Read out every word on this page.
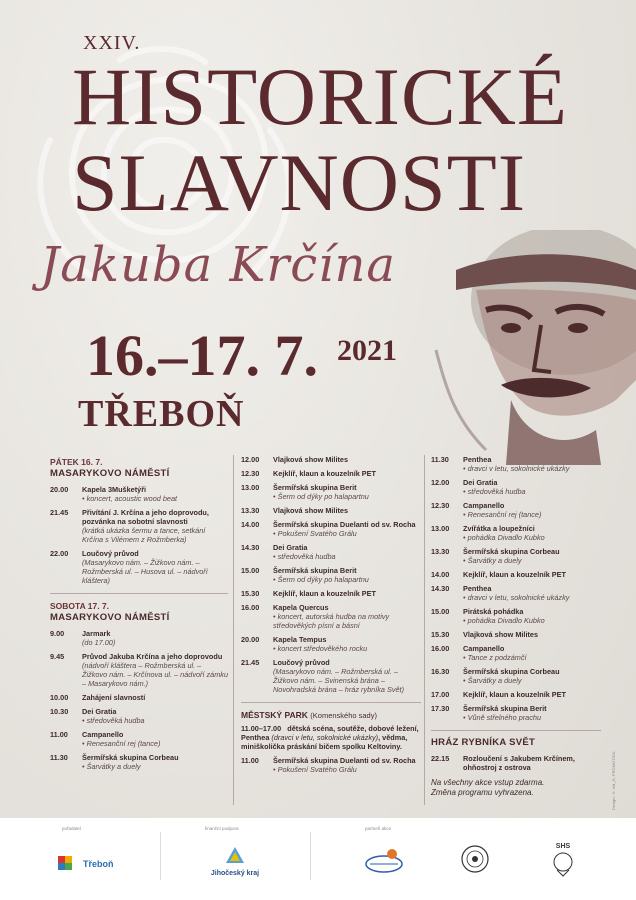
XXIV.
HISTORICKÉ
SLAVNOSTI
Jakuba Krčína
16.–17. 7. 2021
TŘEBOŇ
PÁTEK 16. 7.
MASARYKOVO NÁMĚSTÍ
20.00	Kapela 3Mušketýři
• koncert, acoustic wood beat
21.45	Přivítání J. Krčína a jeho doprovodu, pozvánka na sobotní slavnosti
(krátká ukázka šermu a tance, setkání Krčína s Vilémem z Rožmberka)
22.00	Loučový průvod
(Masarykovo nám. – Žižkovo nám. – Rožmberská ul. – Husova ul. – nádvoří kláštera)
SOBOTA 17. 7.
MASARYKOVO NÁMĚSTÍ
9.00	Jarmark
(do 17.00)
9.45	Průvod Jakuba Krčína a jeho doprovodu
(nádvoří kláštera – Rožmberská ul. – Žižkovo nám. – Krčínova ul. – nádvoří zámku – Masarykovo nám.)
10.00	Zahájení slavností
10.30	Dei Gratia
• středověká hudba
11.00	Campanello
• Renesanční rej (tance)
11.30	Šermířská skupina Corbeau
• Šarvátky a duely
12.00	Vlajková show Milites
12.30	Kejklíř, klaun a kouzelník PET
13.00	Šermířská skupina Berit
• Šerm od dýky po halapartnu
13.30	Vlajková show Milites
14.00	Šermířská skupina Duelanti od sv. Rocha
• Pokušení Svatého Grálu
14.30	Dei Gratia
• středověká hudba
15.00	Šermířská skupina Berit
• Šerm od dýky po halapartnu
15.30	Kejklíř, klaun a kouzelník PET
16.00	Kapela Quercus
• koncert, autorská hudba na motivy středověkých písní a básní
20.00	Kapela Tempus
• koncert středověkého rocku
21.45	Loučový průvod
(Masarykovo nám. – Rožmberská ul. – Žižkovo nám. – Svinenská brána – Novohradská brána – hráz rybníka Svět)
MĚSTSKÝ PARK (Komenského sady)
11.00–17.00 dětská scéna, soutěže, dobové ležení, Penthea (dravci v letu, sokolnické ukázky), vědma, miniškolička práskání bičem spolku Keltoviny.
11.00	Šermířská skupina Duelanti od sv. Rocha
• Pokušení Svatého Grálu
11.30	Penthea
• dravci v letu, sokolnické ukázky
12.00	Dei Gratia
• středověká hudba
12.30	Campanello
• Renesanční rej (tance)
13.00	Zvířátka a loupežníci
• pohádka Divadlo Kubko
13.30	Šermířská skupina Corbeau
• Šarvátky a duely
14.00	Kejklíř, klaun a kouzelník PET
14.30	Penthea
• dravci v letu, sokolnické ukázky
15.00	Pirátská pohádka
• pohádka Divadlo Kubko
15.30	Vlajková show Milites
16.00	Campanello
• Tance z podzámčí
16.30	Šermířská skupina Corbeau
• Šarvátky a duely
17.00	Kejklíř, klaun a kouzelník PET
17.30	Šermířská skupina Berit
• Vůně střelného prachu
HRÁZ RYBNÍKA SVĚT
22.15	Rozloučení s Jakubem Krčínem, ohňostroj z ostrova
Na všechny akce vstup zdarma.
Změna programu vyhrazena.	Design: © eM_G, PROMOTION
pořadatel	finanční podpora	partneři akce
Třeboň
Jihočeský kraj
SHS
